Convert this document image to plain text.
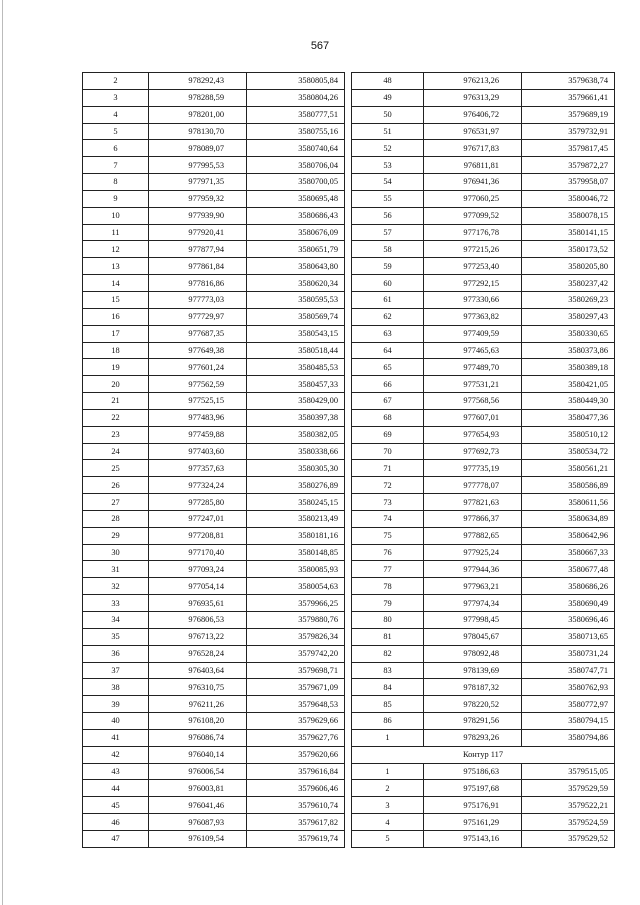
567
2	978292,43	3580805,84
3	978288,59	3580804,26
4	978201,00	3580777,51
5	978130,70	3580755,16
6	978089,07	3580740,64
7	977995,53	3580706,04
8	977971,35	3580700,05
9	977959,32	3580695,48
10	977939,90	3580686,43
11	977920,41	3580676,09
12	977877,94	3580651,79
13	977861,84	3580643,80
14	977816,86	3580620,34
15	977773,03	3580595,53
16	977729,97	3580569,74
17	977687,35	3580543,15
18	977649,38	3580518,44
19	977601,24	3580485,53
20	977562,59	3580457,33
21	977525,15	3580429,00
22	977483,96	3580397,38
23	977459,88	3580382,05
24	977403,60	3580338,66
25	977357,63	3580305,30
26	977324,24	3580276,89
27	977285,80	3580245,15
28	977247,01	3580213,49
29	977208,81	3580181,16
30	977170,40	3580148,85
31	977093,24	3580085,93
32	977054,14	3580054,63
33	976935,61	3579966,25
34	976806,53	3579880,76
35	976713,22	3579826,34
36	976528,24	3579742,20
37	976403,64	3579698,71
38	976310,75	3579671,09
39	976211,26	3579648,53
40	976108,20	3579629,66
41	976086,74	3579627,76
42	976040,14	3579620,66
43	976006,54	3579616,84
44	976003,81	3579606,46
45	976041,46	3579610,74
46	976087,93	3579617,82
47	976109,54	3579619,74
48	976213,26	3579638,74
49	976313,29	3579661,41
50	976406,72	3579689,19
51	976531,97	3579732,91
52	976717,83	3579817,45
53	976811,81	3579872,27
54	976941,36	3579958,07
55	977060,25	3580046,72
56	977099,52	3580078,15
57	977176,78	3580141,15
58	977215,26	3580173,52
59	977253,40	3580205,80
60	977292,15	3580237,42
61	977330,66	3580269,23
62	977363,82	3580297,43
63	977409,59	3580330,65
64	977465,63	3580373,86
65	977489,70	3580389,18
66	977531,21	3580421,05
67	977568,56	3580449,30
68	977607,01	3580477,36
69	977654,93	3580510,12
70	977692,73	3580534,72
71	977735,19	3580561,21
72	977778,07	3580586,89
73	977821,63	3580611,56
74	977866,37	3580634,89
75	977882,65	3580642,96
76	977925,24	3580667,33
77	977944,36	3580677,48
78	977963,21	3580686,26
79	977974,34	3580690,49
80	977998,45	3580696,46
81	978045,67	3580713,65
82	978092,48	3580731,24
83	978139,69	3580747,71
84	978187,32	3580762,93
85	978220,52	3580772,97
86	978291,56	3580794,15
1	978293,26	3580794,86
Контур 117		
1	975186,63	3579515,05
2	975197,68	3579529,59
3	975176,91	3579522,21
4	975161,29	3579524,59
5	975143,16	3579529,52
